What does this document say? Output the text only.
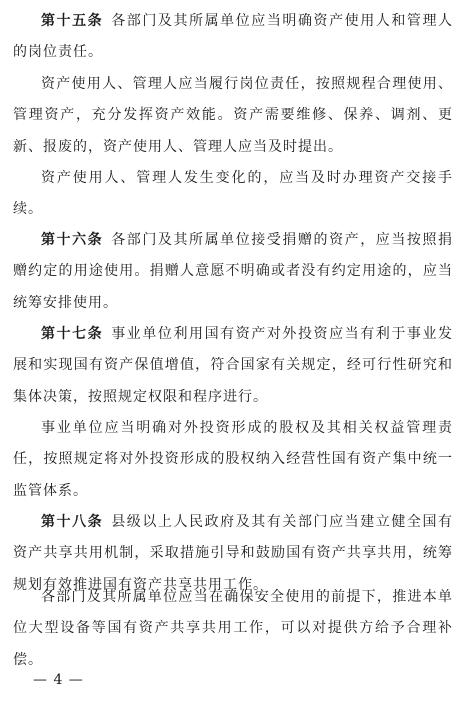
第十五条 各部门及其所属单位应当明确资产使用人和管理人的岗位责任。

资产使用人、管理人应当履行岗位责任，按照规程合理使用、管理资产，充分发挥资产效能。资产需要维修、保养、调剂、更新、报废的，资产使用人、管理人应当及时提出。

资产使用人、管理人发生变化的，应当及时办理资产交接手续。

第十六条 各部门及其所属单位接受捐赠的资产，应当按照捐赠约定的用途使用。捐赠人意愿不明确或者没有约定用途的，应当统筹安排使用。

第十七条 事业单位利用国有资产对外投资应当有利于事业发展和实现国有资产保值增值，符合国家有关规定，经可行性研究和集体决策，按照规定权限和程序进行。

事业单位应当明确对外投资形成的股权及其相关权益管理责任，按照规定将对外投资形成的股权纳入经营性国有资产集中统一监管体系。

第十八条 县级以上人民政府及其有关部门应当建立健全国有资产共享共用机制，采取措施引导和鼓励国有资产共享共用，统筹规划有效推进国有资产共享共用工作。

各部门及其所属单位应当在确保安全使用的前提下，推进本单位大型设备等国有资产共享共用工作，可以对提供方给予合理补偿。

— 4 —
